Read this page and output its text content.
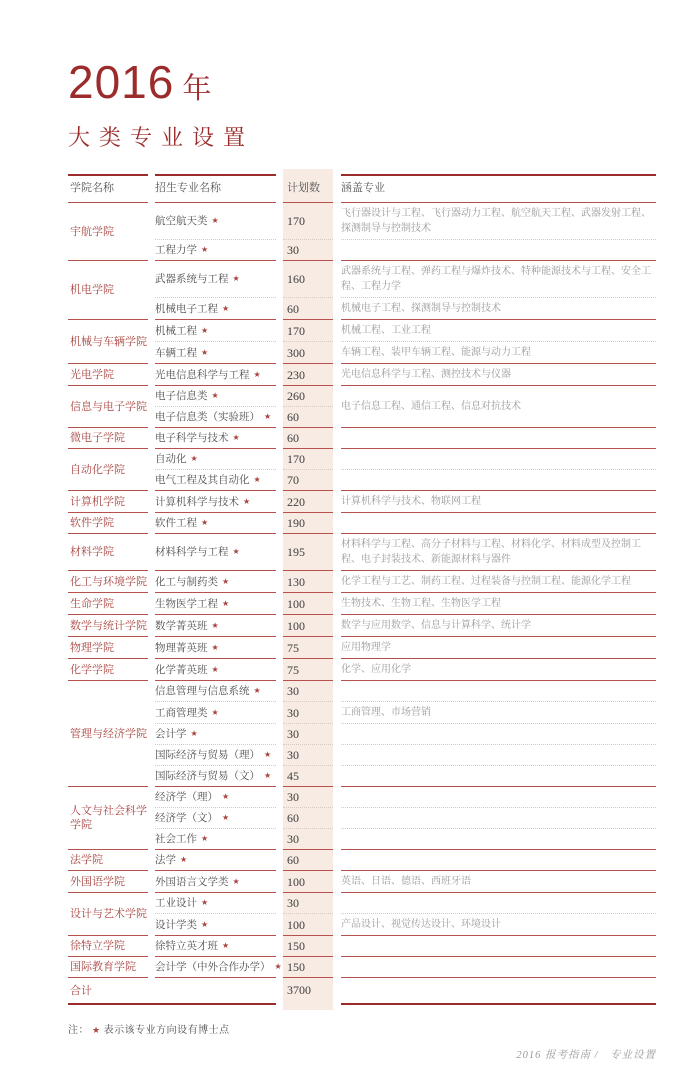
2016 年
大类专业设置
学院名称		招生专业名称		计划数		涵盖专业
宇航学院		航空航天类 ★		170		飞行器设计与工程、飞行器动力工程、航空航天工程、武器发射工程、探测制导与控制技术
		工程力学 ★		30		
机电学院		武器系统与工程 ★		160		武器系统与工程、弹药工程与爆炸技术、特种能源技术与工程、安全工程、工程力学
		机械电子工程 ★		60		机械电子工程、探测制导与控制技术
机械与车辆学院		机械工程 ★		170		机械工程、工业工程
		车辆工程 ★		300		车辆工程、装甲车辆工程、能源与动力工程
光电学院		光电信息科学与工程 ★		230		光电信息科学与工程、测控技术与仪器
信息与电子学院		电子信息类 ★		260		电子信息工程、通信工程、信息对抗技术
		电子信息类（实验班） ★		60		
微电子学院		电子科学与技术 ★		60		
自动化学院		自动化 ★		170		
		电气工程及其自动化 ★		70		
计算机学院		计算机科学与技术 ★		220		计算机科学与技术、物联网工程
软件学院		软件工程 ★		190		
材料学院		材料科学与工程 ★		195		材料科学与工程、高分子材料与工程、材料化学、材料成型及控制工程、电子封装技术、新能源材料与器件
化工与环境学院		化工与制药类 ★		130		化学工程与工艺、制药工程、过程装备与控制工程、能源化学工程
生命学院		生物医学工程 ★		100		生物技术、生物工程、生物医学工程
数学与统计学院		数学菁英班 ★		100		数学与应用数学、信息与计算科学、统计学
物理学院		物理菁英班 ★		75		应用物理学
化学学院		化学菁英班 ★		75		化学、应用化学
管理与经济学院		信息管理与信息系统 ★		30		
		工商管理类 ★		30		工商管理、市场营销
		会计学 ★		30		
		国际经济与贸易（理） ★		30		
		国际经济与贸易（文） ★		45		
人文与社会科学学院		经济学（理） ★		30		
		经济学（文） ★		60		
		社会工作 ★		30		
法学院		法学 ★		60		
外国语学院		外国语言文学类 ★		100		英语、日语、德语、西班牙语
设计与艺术学院		工业设计 ★		30		
		设计学类 ★		100		产品设计、视觉传达设计、环境设计
徐特立学院		徐特立英才班 ★		150		
国际教育学院		会计学（中外合作办学） ★		150		
合计				3700		
注： ★ 表示该专业方向设有博士点
2016 报考指南 /　专业设置
